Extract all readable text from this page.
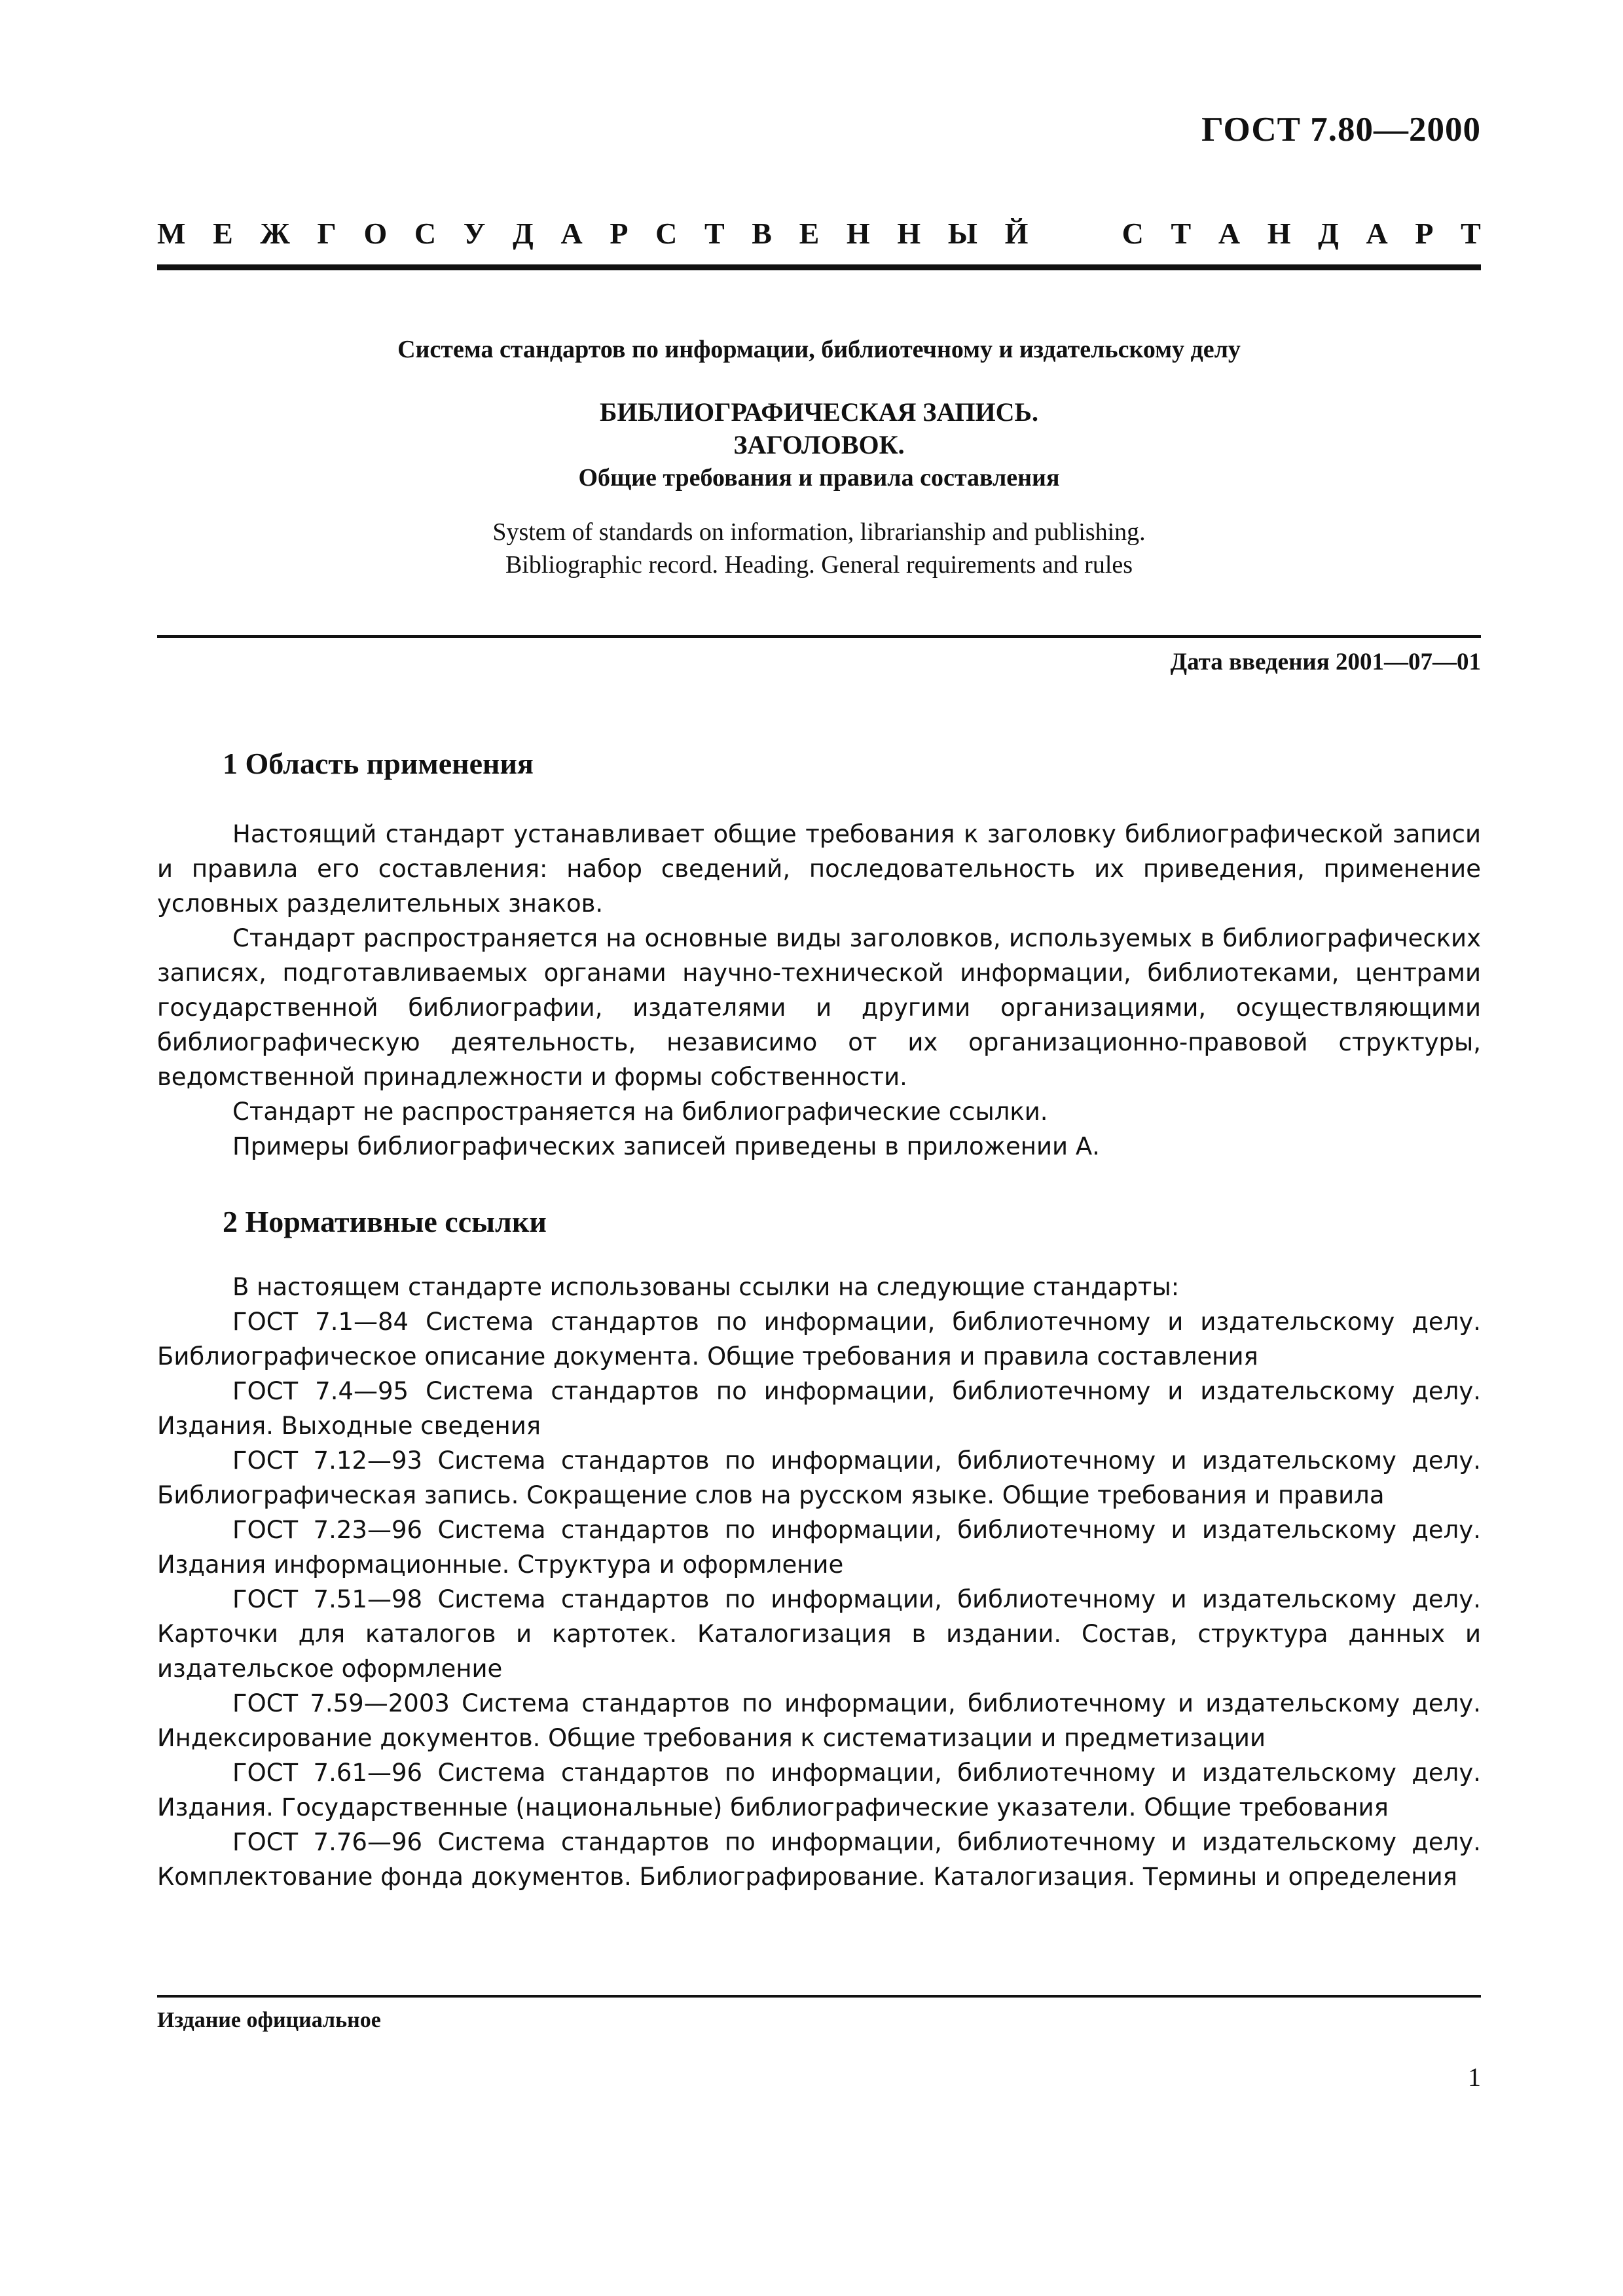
ГОСТ 7.80—2000
М Е Ж Г О С У Д А Р С Т В Е Н Н Ы Й	С Т А Н Д А Р Т
Система стандартов по информации, библиотечному и издательскому делу
БИБЛИОГРАФИЧЕСКАЯ ЗАПИСЬ.
ЗАГОЛОВОК.
Общие требования и правила составления
System of standards on information, librarianship and publishing.
Bibliographic record. Heading. General requirements and rules
Дата введения 2001—07—01
1 Область применения

Настоящий стандарт устанавливает общие требования к заголовку библиографической записи и правила его составления: набор сведений, последовательность их приведения, применение условных разделительных знаков.

Стандарт распространяется на основные виды заголовков, используемых в библиографических записях, подготавливаемых органами научно-технической информации, библиотеками, центрами государственной библиографии, издателями и другими организациями, осуществляющими библиографическую деятельность, независимо от их организационно-правовой структуры, ведомственной принадлежности и формы собственности.

Стандарт не распространяется на библиографические ссылки.

Примеры библиографических записей приведены в приложении А.

2 Нормативные ссылки

В настоящем стандарте использованы ссылки на следующие стандарты:

ГОСТ 7.1—84 Система стандартов по информации, библиотечному и издательскому делу. Библиографическое описание документа. Общие требования и правила составления

ГОСТ 7.4—95 Система стандартов по информации, библиотечному и издательскому делу. Издания. Выходные сведения

ГОСТ 7.12—93 Система стандартов по информации, библиотечному и издательскому делу. Библиографическая запись. Сокращение слов на русском языке. Общие требования и правила

ГОСТ 7.23—96 Система стандартов по информации, библиотечному и издательскому делу. Издания информационные. Структура и оформление

ГОСТ 7.51—98 Система стандартов по информации, библиотечному и издательскому делу. Карточки для каталогов и картотек. Каталогизация в издании. Состав, структура данных и издательское оформление

ГОСТ 7.59—2003 Система стандартов по информации, библиотечному и издательскому делу. Индексирование документов. Общие требования к систематизации и предметизации

ГОСТ 7.61—96 Система стандартов по информации, библиотечному и издательскому делу. Издания. Государственные (национальные) библиографические указатели. Общие требования

ГОСТ 7.76—96 Система стандартов по информации, библиотечному и издательскому делу. Комплектование фонда документов. Библиографирование. Каталогизация. Термины и определения

Издание официальное
1
